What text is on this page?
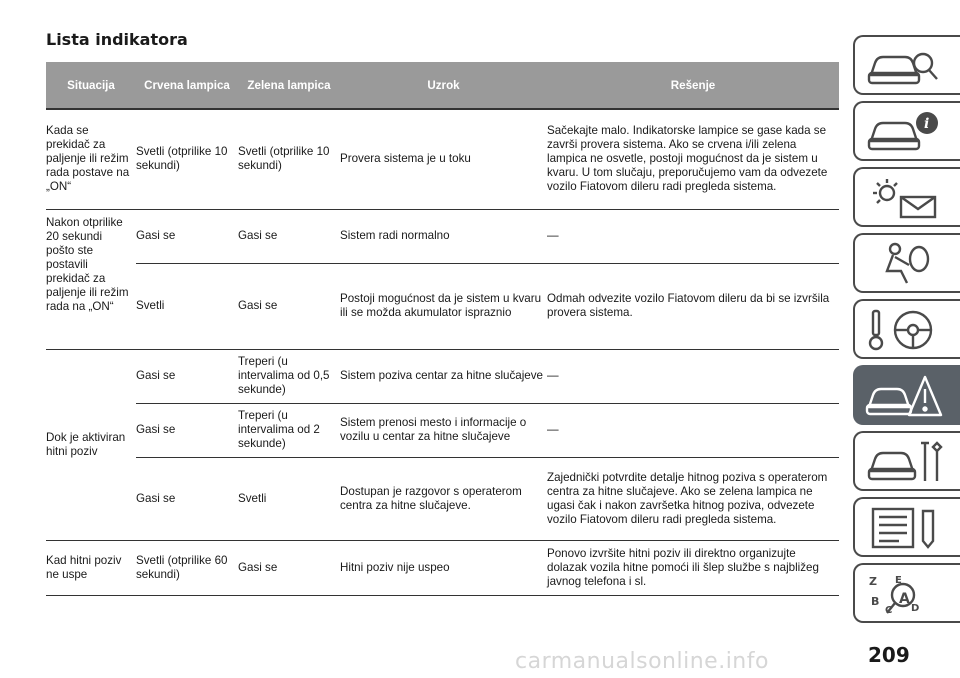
Lista indikatora
Situacija	Crvena lampica	Zelena lampica	Uzrok	Rešenje
Kada se prekidač za paljenje ili režim rada postave na „ON“	Svetli (otprilike 10 sekundi)	Svetli (otprilike 10 sekundi)	Provera sistema je u toku	Sačekajte malo. Indikatorske lampice se gase kada se završi provera sistema. Ako se crvena i/ili zelena lampica ne osvetle, postoji mogućnost da je sistem u kvaru. U tom slučaju, preporučujemo vam da odvezete vozilo Fiatovom dileru radi pregleda sistema.
Nakon otprilike 20 sekundi pošto ste postavili prekidač za paljenje ili režim rada na „ON“	Gasi se	Gasi se	Sistem radi normalno	—
	Svetli	Gasi se	Postoji mogućnost da je sistem u kvaru ili se možda akumulator ispraznio	Odmah odvezite vozilo Fiatovom dileru da bi se izvršila provera sistema.
Dok je aktiviran hitni poziv	Gasi se	Treperi (u intervalima od 0,5 sekunde)	Sistem poziva centar za hitne slučajeve	—
	Gasi se	Treperi (u intervalima od 2 sekunde)	Sistem prenosi mesto i informacije o vozilu u centar za hitne slučajeve	—
	Gasi se	Svetli	Dostupan je razgovor s operaterom centra za hitne slučajeve.	Zajednički potvrdite detalje hitnog poziva s operaterom centra za hitne slučajeve. Ako se zelena lampica ne ugasi čak i nakon završetka hitnog poziva, odvezete vozilo Fiatovom dileru radi pregleda sistema.
Kad hitni poziv ne uspe	Svetli (otprilike 60 sekundi)	Gasi se	Hitni poziv nije uspeo	Ponovo izvršite hitni poziv ili direktno organizujte dolazak vozila hitne pomoći ili šlep službe s najbližeg javnog telefona i sl.
i
Z E
B
C D
A
carmanualsonline.info	209
